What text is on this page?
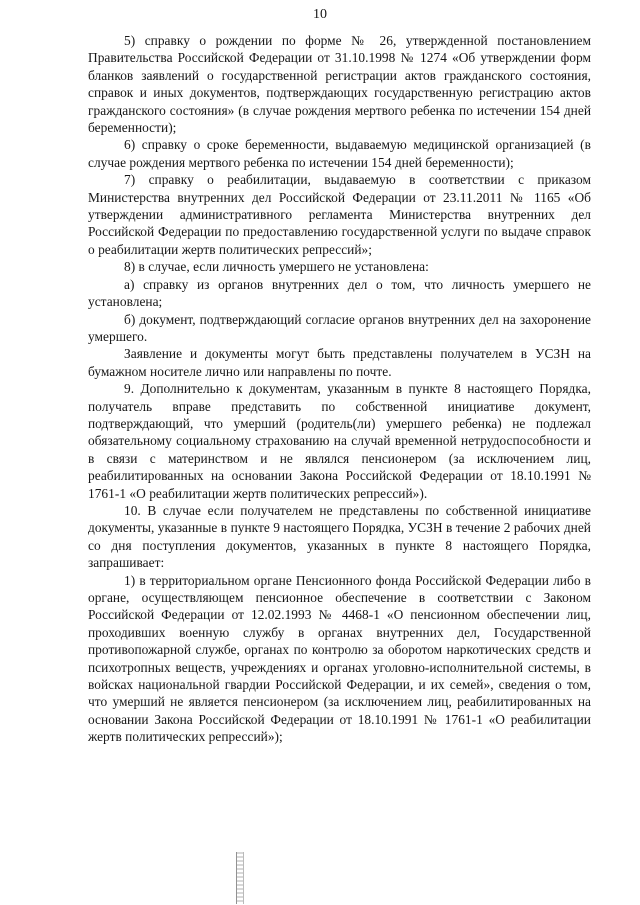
10

5) справку о рождении по форме № 26, утвержденной постановлением Правительства Российской Федерации от 31.10.1998 № 1274 «Об утверждении форм бланков заявлений о государственной регистрации актов гражданского состояния, справок и иных документов, подтверждающих государственную регистрацию актов гражданского состояния» (в случае рождения мертвого ребенка по истечении 154 дней беременности);

6) справку о сроке беременности, выдаваемую медицинской организацией (в случае рождения мертвого ребенка по истечении 154 дней беременности);

7) справку о реабилитации, выдаваемую в соответствии с приказом Министерства внутренних дел Российской Федерации от 23.11.2011 № 1165 «Об утверждении административного регламента Министерства внутренних дел Российской Федерации по предоставлению государственной услуги по выдаче справок о реабилитации жертв политических репрессий»;

8) в случае, если личность умершего не установлена:

а) справку из органов внутренних дел о том, что личность умершего не установлена;

б) документ, подтверждающий согласие органов внутренних дел на захоронение умершего.

Заявление и документы могут быть представлены получателем в УСЗН на бумажном носителе лично или направлены по почте.

9. Дополнительно к документам, указанным в пункте 8 настоящего Порядка, получатель вправе представить по собственной инициативе документ, подтверждающий, что умерший (родитель(ли) умершего ребенка) не подлежал обязательному социальному страхованию на случай временной нетрудоспособности и в связи с материнством и не являлся пенсионером (за исключением лиц, реабилитированных на основании Закона Российской Федерации от 18.10.1991 № 1761-1 «О реабилитации жертв политических репрессий»).

10. В случае если получателем не представлены по собственной инициативе документы, указанные в пункте 9 настоящего Порядка, УСЗН в течение 2 рабочих дней со дня поступления документов, указанных в пункте 8 настоящего Порядка, запрашивает:

1) в территориальном органе Пенсионного фонда Российской Федерации либо в органе, осуществляющем пенсионное обеспечение в соответствии с Законом Российской Федерации от 12.02.1993 № 4468-1 «О пенсионном обеспечении лиц, проходивших военную службу в органах внутренних дел, Государственной противопожарной службе, органах по контролю за оборотом наркотических средств и психотропных веществ, учреждениях и органах уголовно-исполнительной системы, в войсках национальной гвардии Российской Федерации, и их семей», сведения о том, что умерший не является пенсионером (за исключением лиц, реабилитированных на основании Закона Российской Федерации от 18.10.1991 № 1761-1 «О реабилитации жертв политических репрессий»);
